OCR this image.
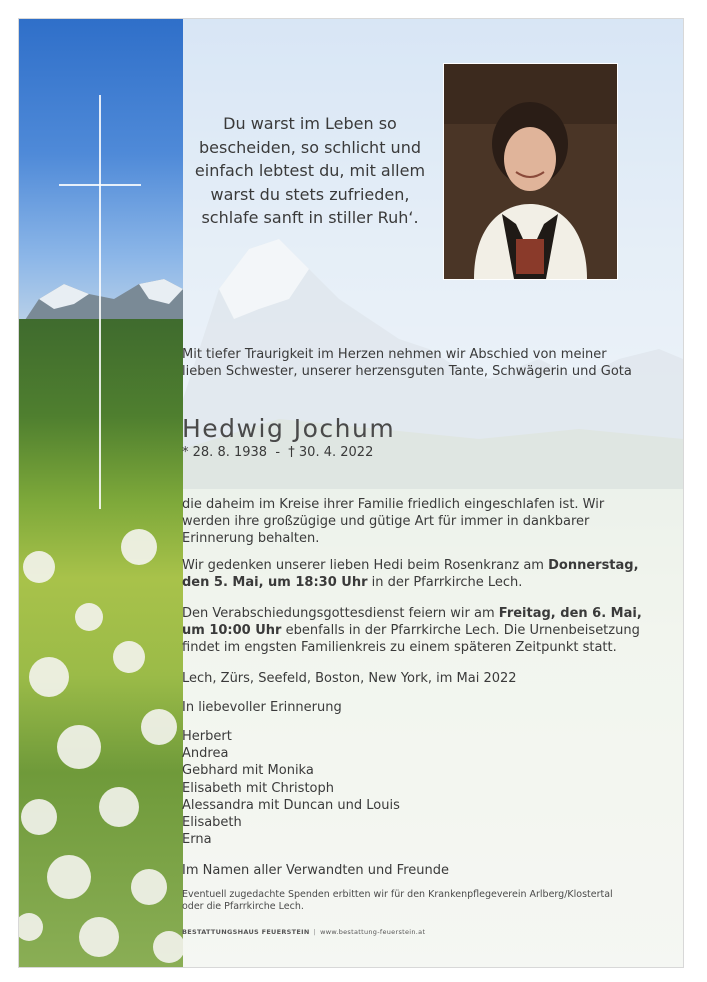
Du warst im Leben so
bescheiden, so schlicht und
einfach lebtest du, mit allem
warst du stets zufrieden,
schlafe sanft in stiller Ruh‘.
Mit tiefer Traurigkeit im Herzen nehmen wir Abschied von meiner
lieben Schwester, unserer herzensguten Tante, Schwägerin und Gota
Hedwig Jochum
* 28. 8. 1938  -  † 30. 4. 2022
die daheim im Kreise ihrer Familie friedlich eingeschlafen ist. Wir
werden ihre großzügige und gütige Art für immer in dankbarer
Erinnerung behalten.
Wir gedenken unserer lieben Hedi beim Rosenkranz am Donnerstag,
den 5. Mai, um 18:30 Uhr in der Pfarrkirche Lech.
Den Verabschiedungsgottesdienst feiern wir am Freitag, den 6. Mai,
um 10:00 Uhr ebenfalls in der Pfarrkirche Lech. Die Urnenbeisetzung
findet im engsten Familienkreis zu einem späteren Zeitpunkt statt.
Lech, Zürs, Seefeld, Boston, New York, im Mai 2022
In liebevoller Erinnerung
Herbert
Andrea
Gebhard mit Monika
Elisabeth mit Christoph
Alessandra mit Duncan und Louis
Elisabeth
Erna
Im Namen aller Verwandten und Freunde
Eventuell zugedachte Spenden erbitten wir für den Krankenpflegeverein Arlberg/Klostertal
oder die Pfarrkirche Lech.
BESTATTUNGSHAUS FEUERSTEIN | www.bestattung-feuerstein.at
